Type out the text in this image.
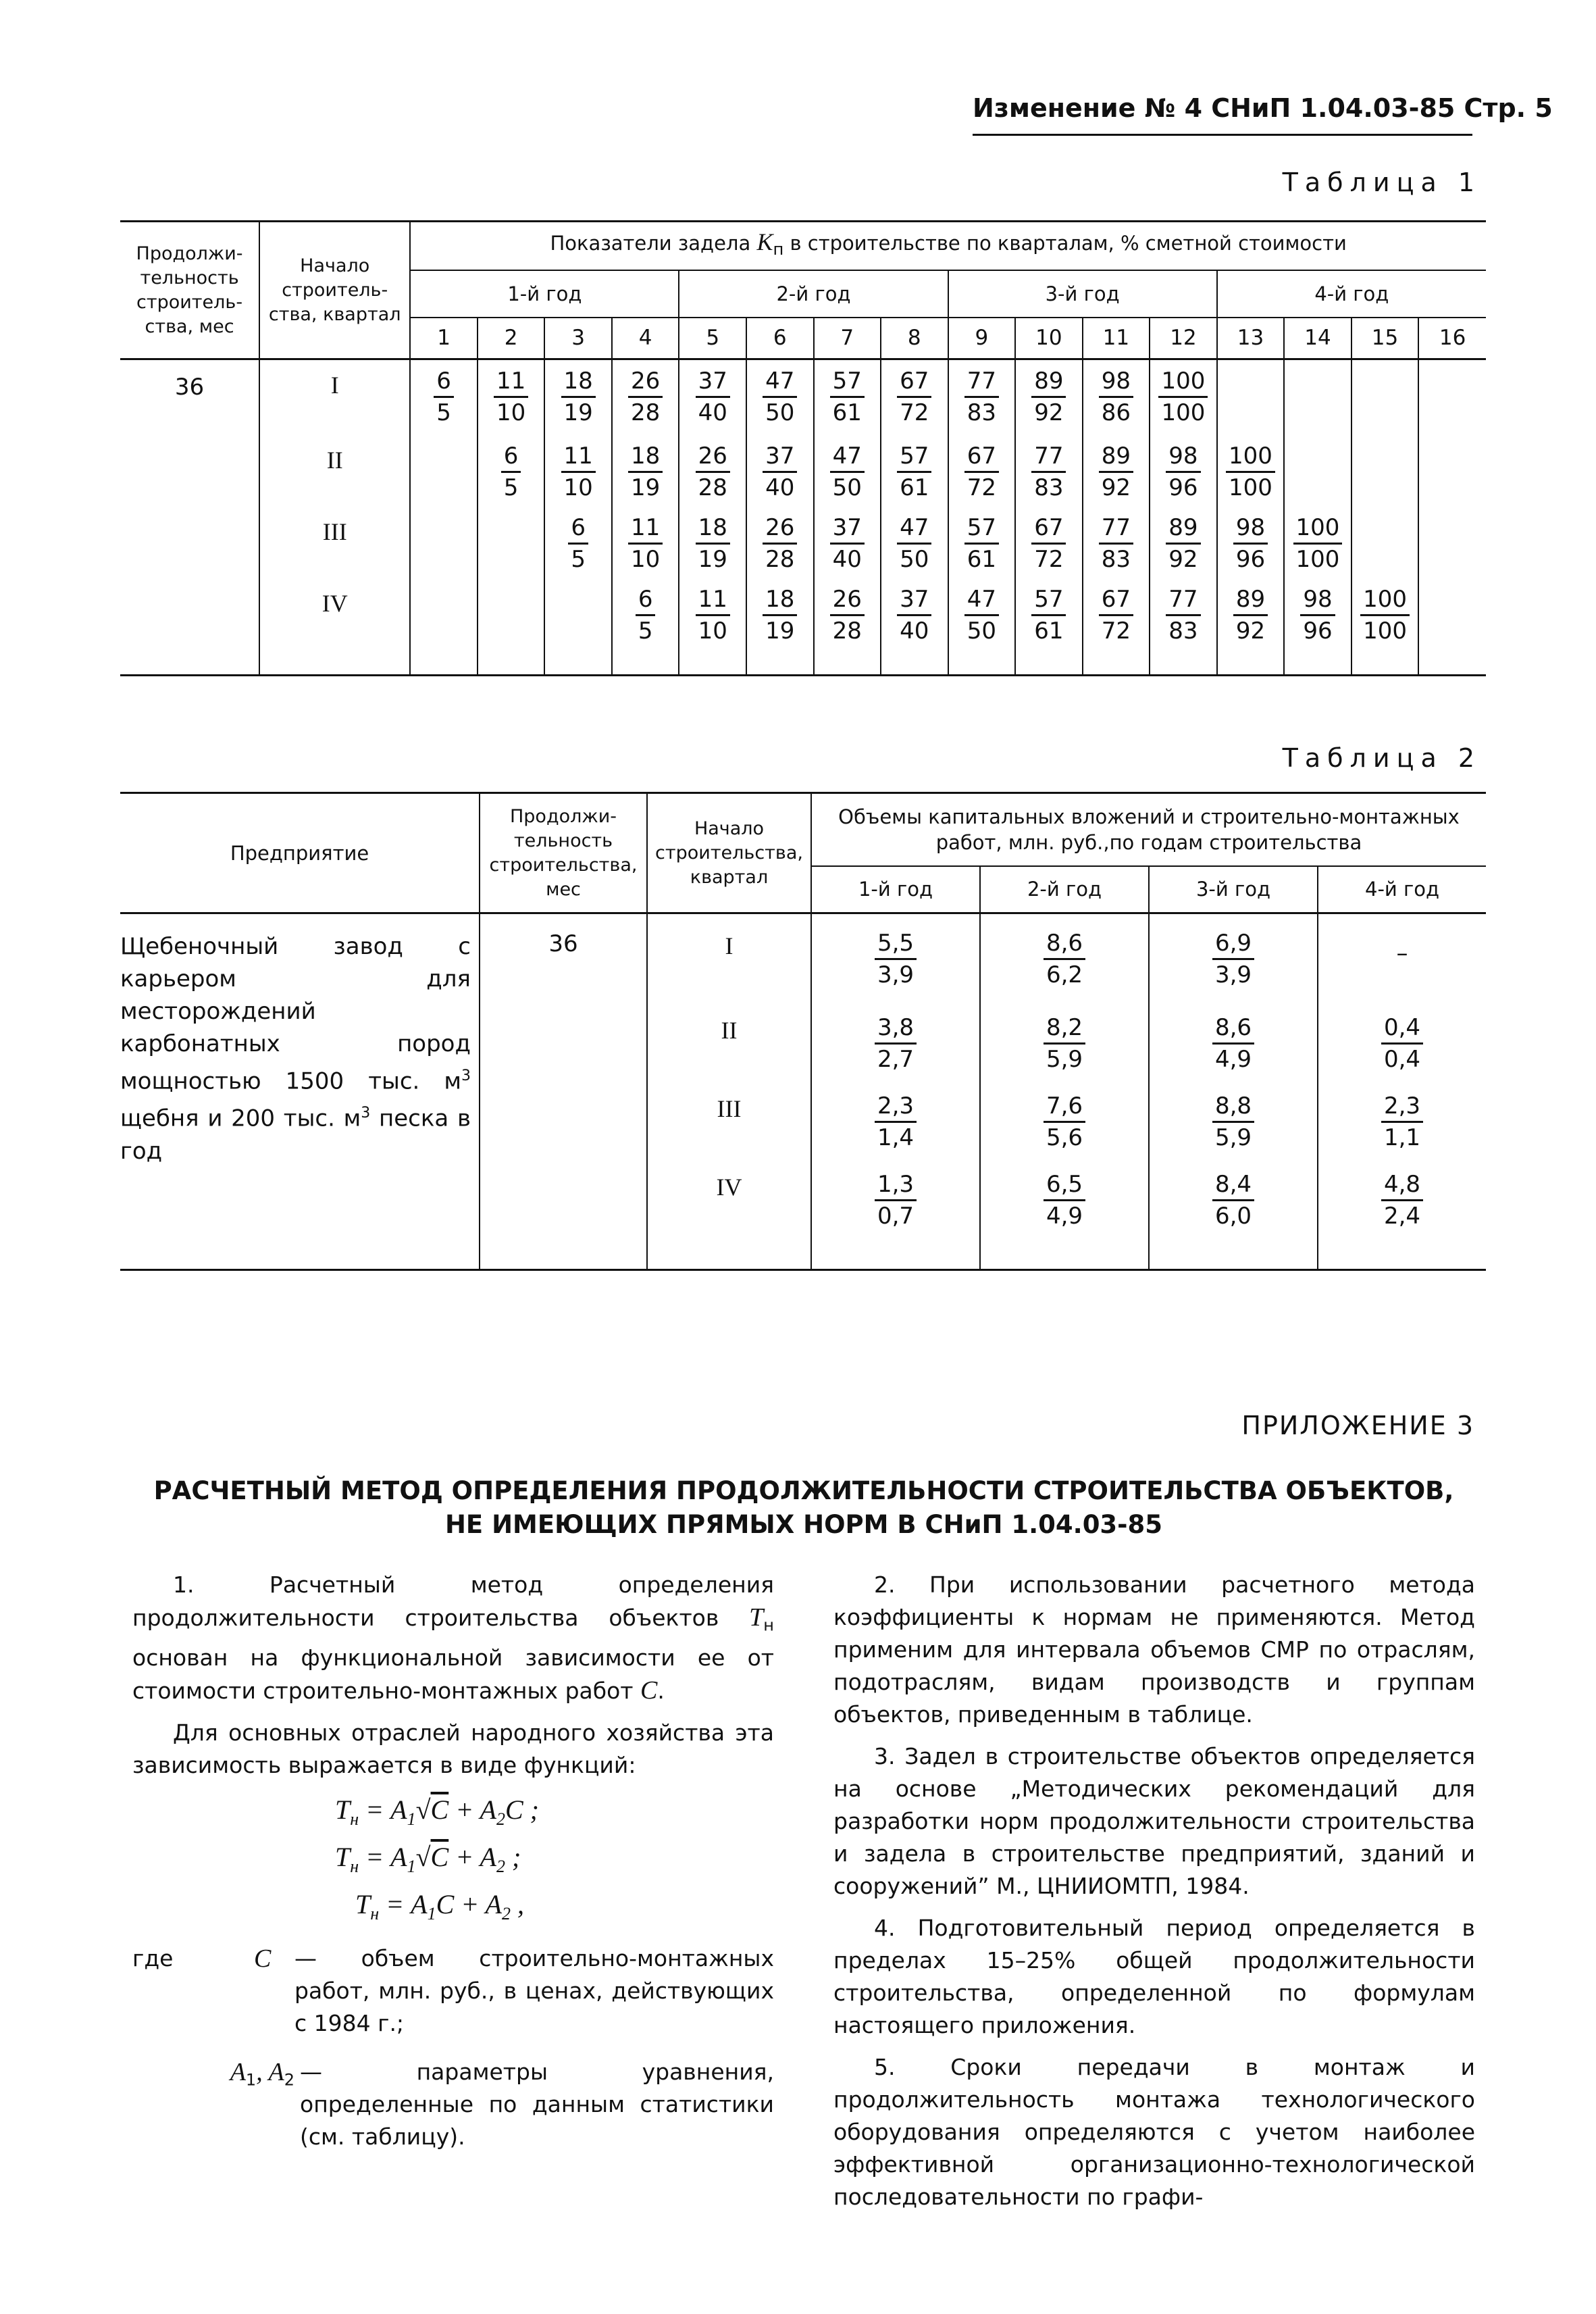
Изменение № 4 СНиП 1.04.03-85 Стр. 5
Таблица 1
Продолжи-тельность строитель-ства, мес	Начало строитель-ства, квартал	Показатели задела $K_п$ в строительстве по кварталам, % сметной стоимости															
		1-й год				2-й год				3-й год				4-й год			
		1	2	3	4	5	6	7	8	9	10	11	12	13	14	15	16
36	I	$\frac{6}{5}$	$\frac{11}{10}$	$\frac{18}{19}$	$\frac{26}{28}$	$\frac{37}{40}$	$\frac{47}{50}$	$\frac{57}{61}$	$\frac{67}{72}$	$\frac{77}{83}$	$\frac{89}{92}$	$\frac{98}{86}$	$\frac{100}{100}$

	II		$\frac{6}{5}$	$\frac{11}{10}$	$\frac{18}{19}$	$\frac{26}{28}$	$\frac{37}{40}$	$\frac{47}{50}$	$\frac{57}{61}$	$\frac{67}{72}$	$\frac{77}{83}$	$\frac{89}{92}$	$\frac{98}{96}$	$\frac{100}{100}$

	III			$\frac{6}{5}$	$\frac{11}{10}$	$\frac{18}{19}$	$\frac{26}{28}$	$\frac{37}{40}$	$\frac{47}{50}$	$\frac{57}{61}$	$\frac{67}{72}$	$\frac{77}{83}$	$\frac{89}{92}$	$\frac{98}{96}$	$\frac{100}{100}$

	IV				$\frac{6}{5}$	$\frac{11}{10}$	$\frac{18}{19}$	$\frac{26}{28}$	$\frac{37}{40}$	$\frac{47}{50}$	$\frac{57}{61}$	$\frac{67}{72}$	$\frac{77}{83}$	$\frac{89}{92}$	$\frac{98}{96}$	$\frac{100}{100}$

Таблица 2
Предприятие	Продолжи-тельность строительства, мес	Начало строительства, квартал	Объемы капитальных вложений и строительно-монтажных работ, млн. руб.,по годам строительства			
			1-й год	2-й год	3-й год	4-й год
Щебеночный завод с карьером для месторождений карбонатных пород мощностью 1500 тыс. $м^3$ щебня и 200 тыс. $м^3$ песка в год	36	I	$\frac{5,5}{3,9}$	$\frac{8,6}{6,2}$	$\frac{6,9}{3,9}$	–
		II	$\frac{3,8}{2,7}$	$\frac{8,2}{5,9}$	$\frac{8,6}{4,9}$	$\frac{0,4}{0,4}$

		III	$\frac{2,3}{1,4}$	$\frac{7,6}{5,6}$	$\frac{8,8}{5,9}$	$\frac{2,3}{1,1}$

		IV	$\frac{1,3}{0,7}$	$\frac{6,5}{4,9}$	$\frac{8,4}{6,0}$	$\frac{4,8}{2,4}$
ПРИЛОЖЕНИЕ 3
РАСЧЕТНЫЙ МЕТОД ОПРЕДЕЛЕНИЯ ПРОДОЛЖИТЕЛЬНОСТИ СТРОИТЕЛЬСТВА ОБЪЕКТОВ,
НЕ ИМЕЮЩИХ ПРЯМЫХ НОРМ В СНиП 1.04.03-85

1. Расчетный метод определения продолжительности строительства объектов $T_н$ основан на функциональной зависимости ее от стоимости строительно-монтажных работ C.

Для основных отраслей народного хозяйства эта зависимость выражается в виде функций:

$T_н = A_1√C + A_2C$ ;
$T_н = A_1√C + A_2$ ;
$T_н = A_1C + A_2$ ,
где	C	— объем строительно-монтажных работ, млн. руб., в ценах, действующих с 1984 г.;
$A_1$, $A_2$ — параметры уравнения, определенные по данным статистики (см. таблицу).

2. При использовании расчетного метода коэффициенты к нормам не применяются. Метод применим для интервала объемов СМР по отраслям, подотраслям, видам производств и группам объектов, приведенным в таблице.

3. Задел в строительстве объектов определяется на основе „Методических рекомендаций для разработки норм продолжительности строительства и задела в строительстве предприятий, зданий и сооружений” М., ЦНИИОМТП, 1984.

4. Подготовительный период определяется в пределах 15–25% общей продолжительности строительства, определенной по формулам настоящего приложения.

5. Сроки передачи в монтаж и продолжительность монтажа технологического оборудования определяются с учетом наиболее эффективной организационно-технологической последовательности по графи-
